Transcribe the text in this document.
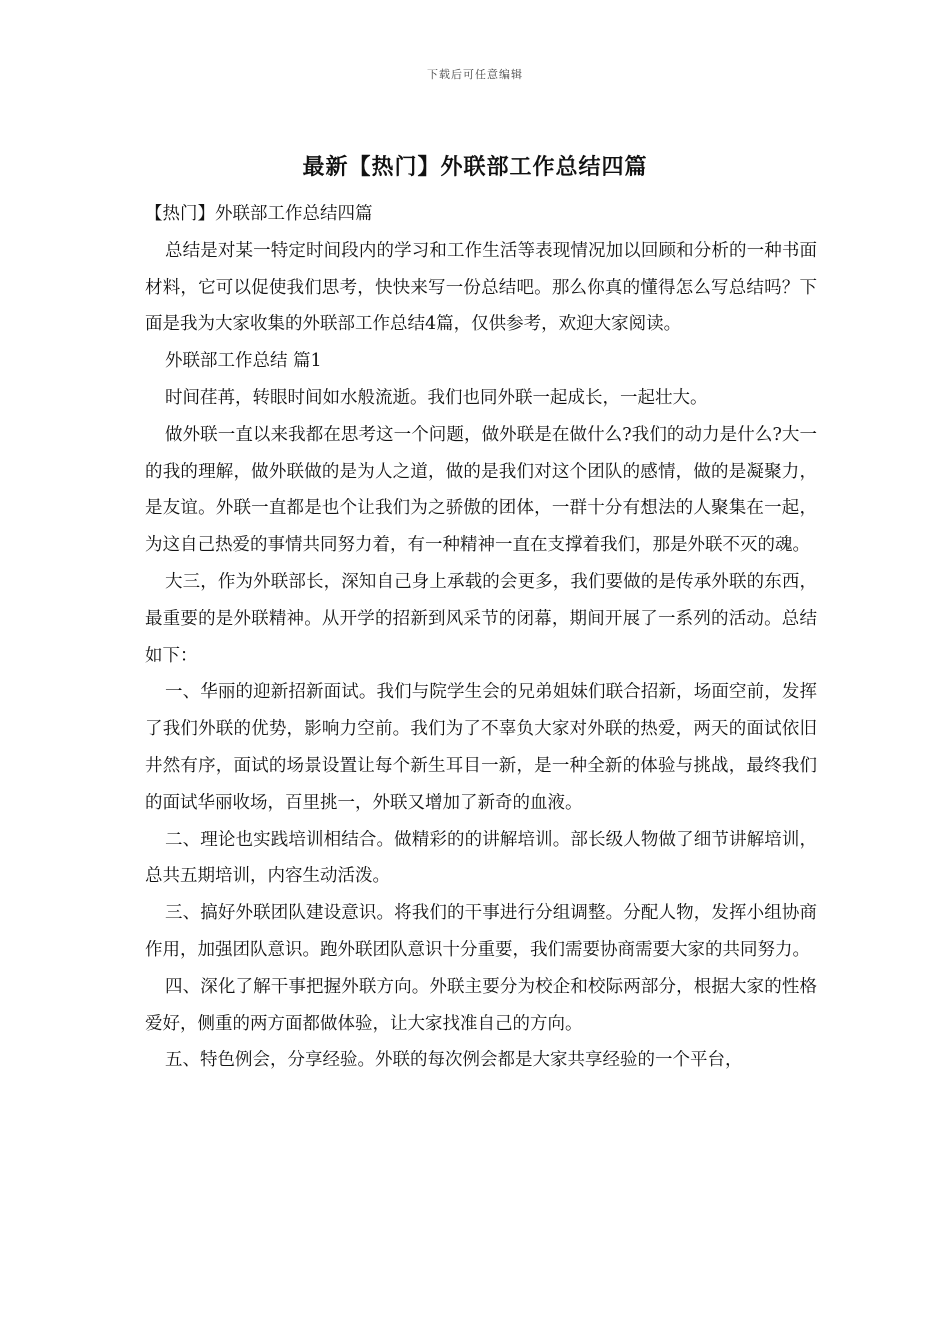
下载后可任意编辑
最新【热门】外联部工作总结四篇

【热门】外联部工作总结四篇

总结是对某一特定时间段内的学习和工作生活等表现情况加以回顾和分析的一种书面材料，它可以促使我们思考，快快来写一份总结吧。那么你真的懂得怎么写总结吗？下面是我为大家收集的外联部工作总结4篇，仅供参考，欢迎大家阅读。

外联部工作总结 篇1

时间荏苒，转眼时间如水般流逝。我们也同外联一起成长，一起壮大。

做外联一直以来我都在思考这一个问题，做外联是在做什么?我们的动力是什么?大一的我的理解，做外联做的是为人之道，做的是我们对这个团队的感情，做的是凝聚力，是友谊。外联一直都是也个让我们为之骄傲的团体，一群十分有想法的人聚集在一起，为这自己热爱的事情共同努力着，有一种精神一直在支撑着我们，那是外联不灭的魂。

大三，作为外联部长，深知自己身上承载的会更多，我们要做的是传承外联的东西，最重要的是外联精神。从开学的招新到风采节的闭幕，期间开展了一系列的活动。总结如下：

一、华丽的迎新招新面试。我们与院学生会的兄弟姐妹们联合招新，场面空前，发挥了我们外联的优势，影响力空前。我们为了不辜负大家对外联的热爱，两天的面试依旧井然有序，面试的场景设置让每个新生耳目一新，是一种全新的体验与挑战，最终我们的面试华丽收场，百里挑一，外联又增加了新奇的血液。

二、理论也实践培训相结合。做精彩的的讲解培训。部长级人物做了细节讲解培训，总共五期培训，内容生动活泼。

三、搞好外联团队建设意识。将我们的干事进行分组调整。分配人物，发挥小组协商作用，加强团队意识。跑外联团队意识十分重要，我们需要协商需要大家的共同努力。

四、深化了解干事把握外联方向。外联主要分为校企和校际两部分，根据大家的性格爱好，侧重的两方面都做体验，让大家找准自己的方向。

五、特色例会，分享经验。外联的每次例会都是大家共享经验的一个平台，
